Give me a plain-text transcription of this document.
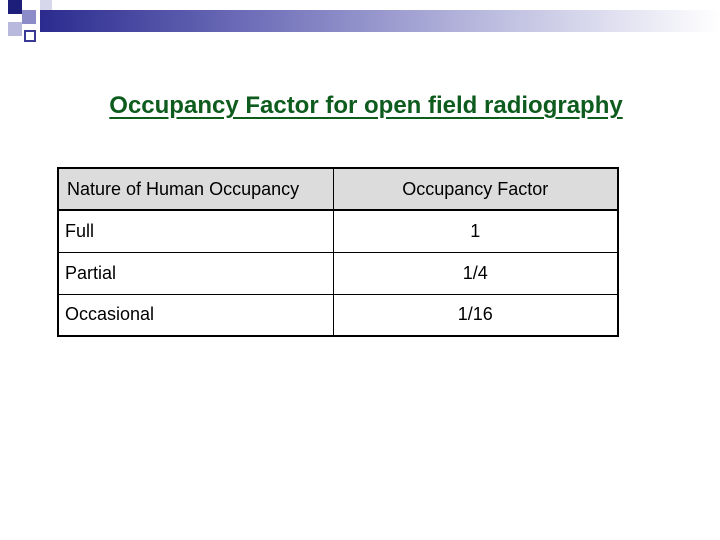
Occupancy Factor for open field radiography
Nature of Human Occupancy	Occupancy Factor
Full	1
Partial	1/4
Occasional	1/16
